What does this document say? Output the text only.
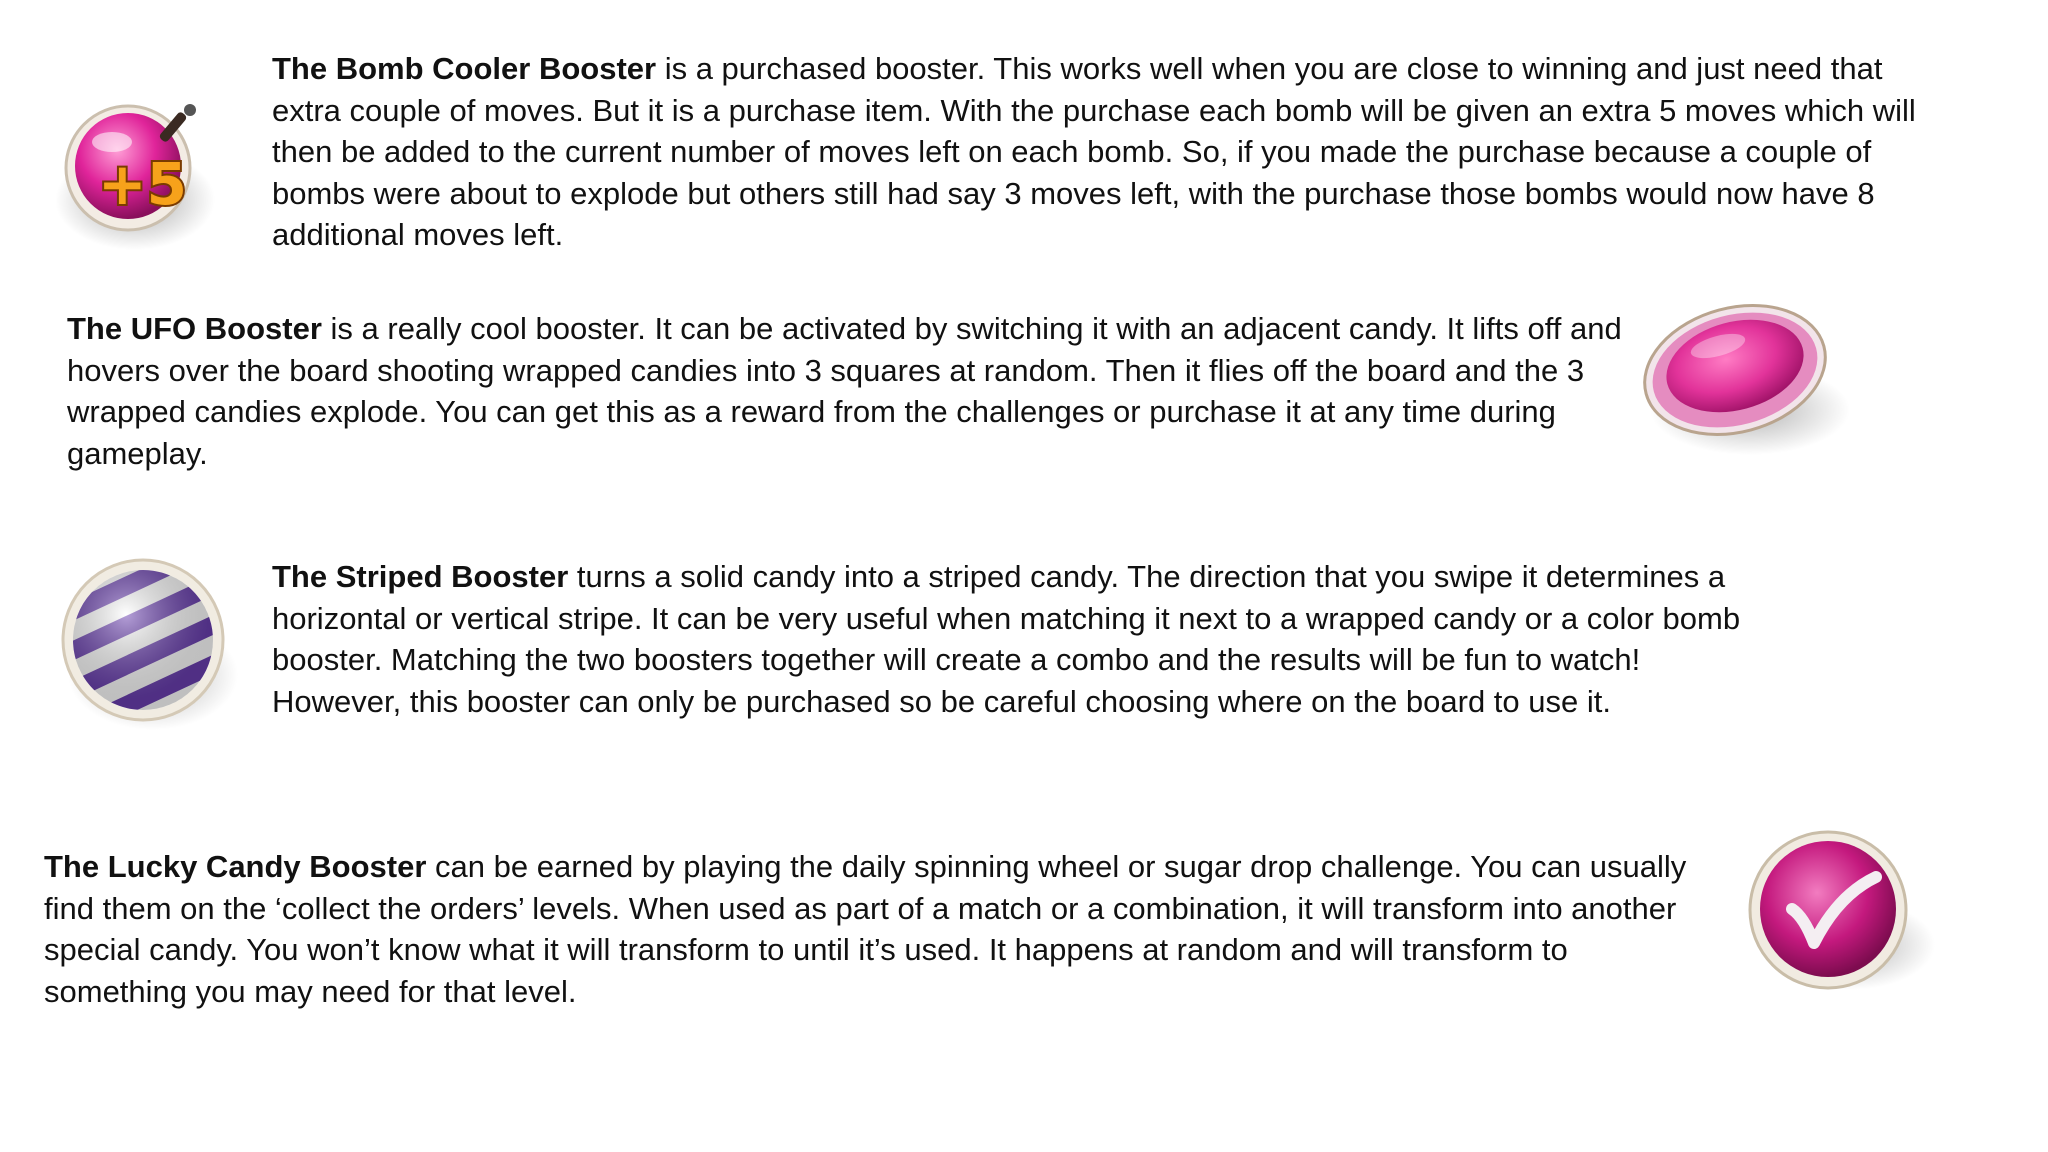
+5
The Bomb Cooler Booster is a purchased booster. This works well when you are close to winning and just need that extra couple of moves. But it is a purchase item. With the purchase each bomb will be given an extra 5 moves which will then be added to the current number of moves left on each bomb. So, if you made the purchase because a couple of bombs were about to explode but others still had say 3 moves left, with the purchase those bombs would now have 8 additional moves left.
The UFO Booster is a really cool booster. It can be activated by switching it with an adjacent candy. It lifts off and hovers over the board shooting wrapped candies into 3 squares at random. Then it flies off the board and the 3 wrapped candies explode. You can get this as a reward from the challenges or purchase it at any time during gameplay.
The Striped Booster turns a solid candy into a striped candy. The direction that you swipe it determines a horizontal or vertical stripe. It can be very useful when matching it next to a wrapped candy or a color bomb booster. Matching the two boosters together will create a combo and the results will be fun to watch! However, this booster can only be purchased so be careful choosing where on the board to use it.
The Lucky Candy Booster can be earned by playing the daily spinning wheel or sugar drop challenge. You can usually find them on the ‘collect the orders’ levels. When used as part of a match or a combination, it will transform into another special candy. You won’t know what it will transform to until it’s used. It happens at random and will transform to something you may need for that level.
